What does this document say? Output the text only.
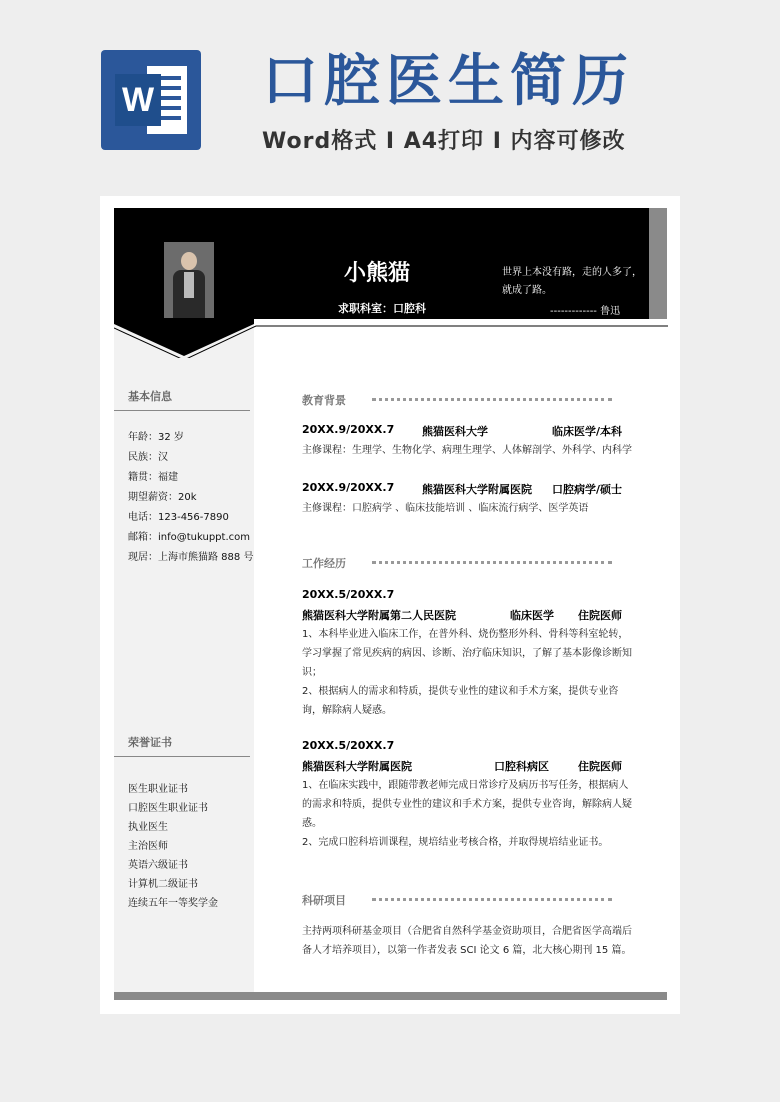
W 口腔医生简历
Word格式 I A4打印 I 内容可修改
基本信息
年龄：32 岁
民族：汉
籍贯：福建
期望薪资：20k
电话：123-456-7890
邮箱：info@tukuppt.com
现居：上海市熊猫路 888 号
荣誉证书
医生职业证书
口腔医生职业证书
执业医生
主治医师
英语六级证书
计算机二级证书
连续五年一等奖学金
小熊猫
求职科室：口腔科
世界上本没有路，走的人多了，就成了路。
------------- 鲁迅
教育背景
20XX.9/20XX.7	熊猫医科大学	临床医学/本科
主修课程：生理学、生物化学、病理生理学、人体解剖学、外科学、内科学
20XX.9/20XX.7	熊猫医科大学附属医院 口腔病学/硕士
主修课程：口腔病学 、临床技能培训 、临床流行病学、医学英语
工作经历
20XX.5/20XX.7
熊猫医科大学附属第二人民医院	临床医学 住院医师
1、本科毕业进入临床工作，在普外科、烧伤整形外科、骨科等科室轮转，学习掌握了常见疾病的病因、诊断、治疗临床知识，了解了基本影像诊断知识；
2、根据病人的需求和特质，提供专业性的建议和手术方案，提供专业咨询，解除病人疑惑。
20XX.5/20XX.7
熊猫医科大学附属医院	口腔科病区	住院医师
1、在临床实践中，跟随带教老师完成日常诊疗及病历书写任务，根据病人的需求和特质，提供专业性的建议和手术方案，提供专业咨询，解除病人疑惑。
2、完成口腔科培训课程，规培结业考核合格，并取得规培结业证书。
科研项目
主持两项科研基金项目（合肥省自然科学基金资助项目，合肥省医学高端后备人才培养项目），以第一作者发表 SCI 论文 6 篇，北大核心期刊 15 篇。
